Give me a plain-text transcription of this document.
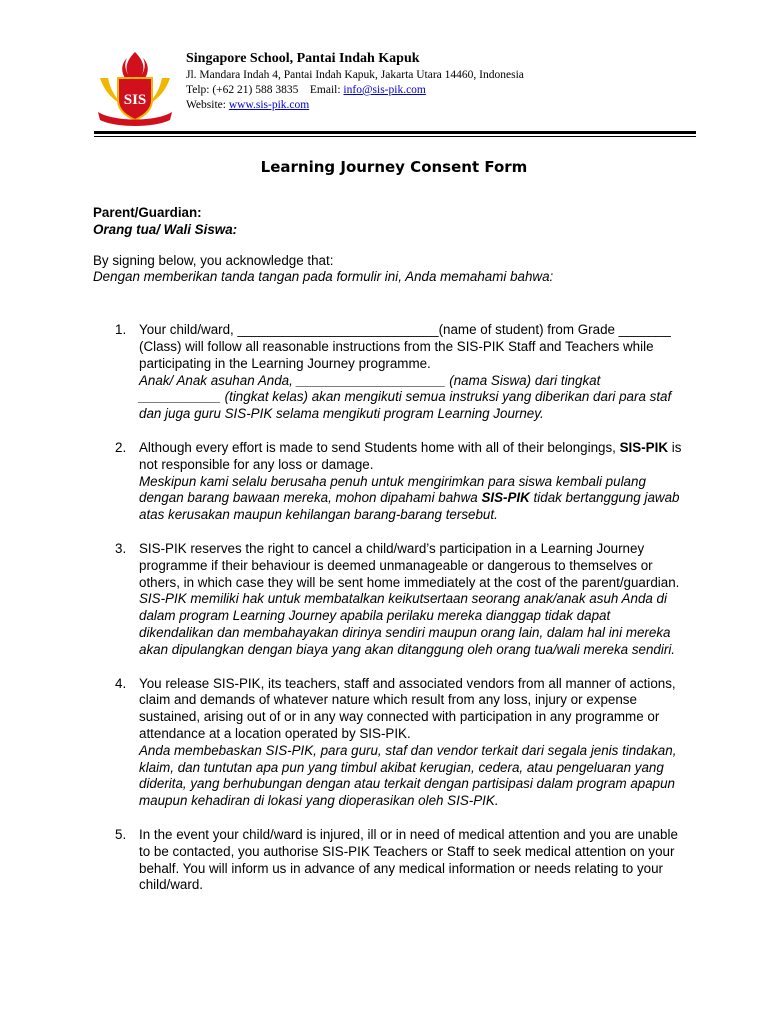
SIS
Singapore School, Pantai Indah Kapuk
Jl. Mandara Indah 4, Pantai Indah Kapuk, Jakarta Utara 14460, Indonesia
Telp: (+62 21) 588 3835 Email: info@sis-pik.com
Website: www.sis-pik.com
Learning Journey Consent Form

Parent/Guardian:

Orang tua/ Wali Siswa:

By signing below, you acknowledge that:

Dengan memberikan tanda tangan pada formulir ini, Anda memahami bahwa:

1. Your child/ward, ___________________________(name of student) from Grade _______ (Class) will follow all reasonable instructions from the SIS-PIK Staff and Teachers while participating in the Learning Journey programme.

Anak/ Anak asuhan Anda, ____________________ (nama Siswa) dari tingkat ___________ (tingkat kelas) akan mengikuti semua instruksi yang diberikan dari para staf dan juga guru SIS-PIK selama mengikuti program Learning Journey.

2. Although every effort is made to send Students home with all of their belongings, SIS-PIK is not responsible for any loss or damage.

Meskipun kami selalu berusaha penuh untuk mengirimkan para siswa kembali pulang dengan barang bawaan mereka, mohon dipahami bahwa SIS-PIK tidak bertanggung jawab atas kerusakan maupun kehilangan barang-barang tersebut.

3. SIS-PIK reserves the right to cancel a child/ward’s participation in a Learning Journey programme if their behaviour is deemed unmanageable or dangerous to themselves or others, in which case they will be sent home immediately at the cost of the parent/guardian.

SIS-PIK memiliki hak untuk membatalkan keikutsertaan seorang anak/anak asuh Anda di dalam program Learning Journey apabila perilaku mereka dianggap tidak dapat dikendalikan dan membahayakan dirinya sendiri maupun orang lain, dalam hal ini mereka akan dipulangkan dengan biaya yang akan ditanggung oleh orang tua/wali mereka sendiri.

4. You release SIS-PIK, its teachers, staff and associated vendors from all manner of actions, claim and demands of whatever nature which result from any loss, injury or expense sustained, arising out of or in any way connected with participation in any programme or attendance at a location operated by SIS-PIK.

Anda membebaskan SIS-PIK, para guru, staf dan vendor terkait dari segala jenis tindakan, klaim, dan tuntutan apa pun yang timbul akibat kerugian, cedera, atau pengeluaran yang diderita, yang berhubungan dengan atau terkait dengan partisipasi dalam program apapun maupun kehadiran di lokasi yang dioperasikan oleh SIS-PIK.

5. In the event your child/ward is injured, ill or in need of medical attention and you are unable to be contacted, you authorise SIS-PIK Teachers or Staff to seek medical attention on your behalf. You will inform us in advance of any medical information or needs relating to your child/ward.
